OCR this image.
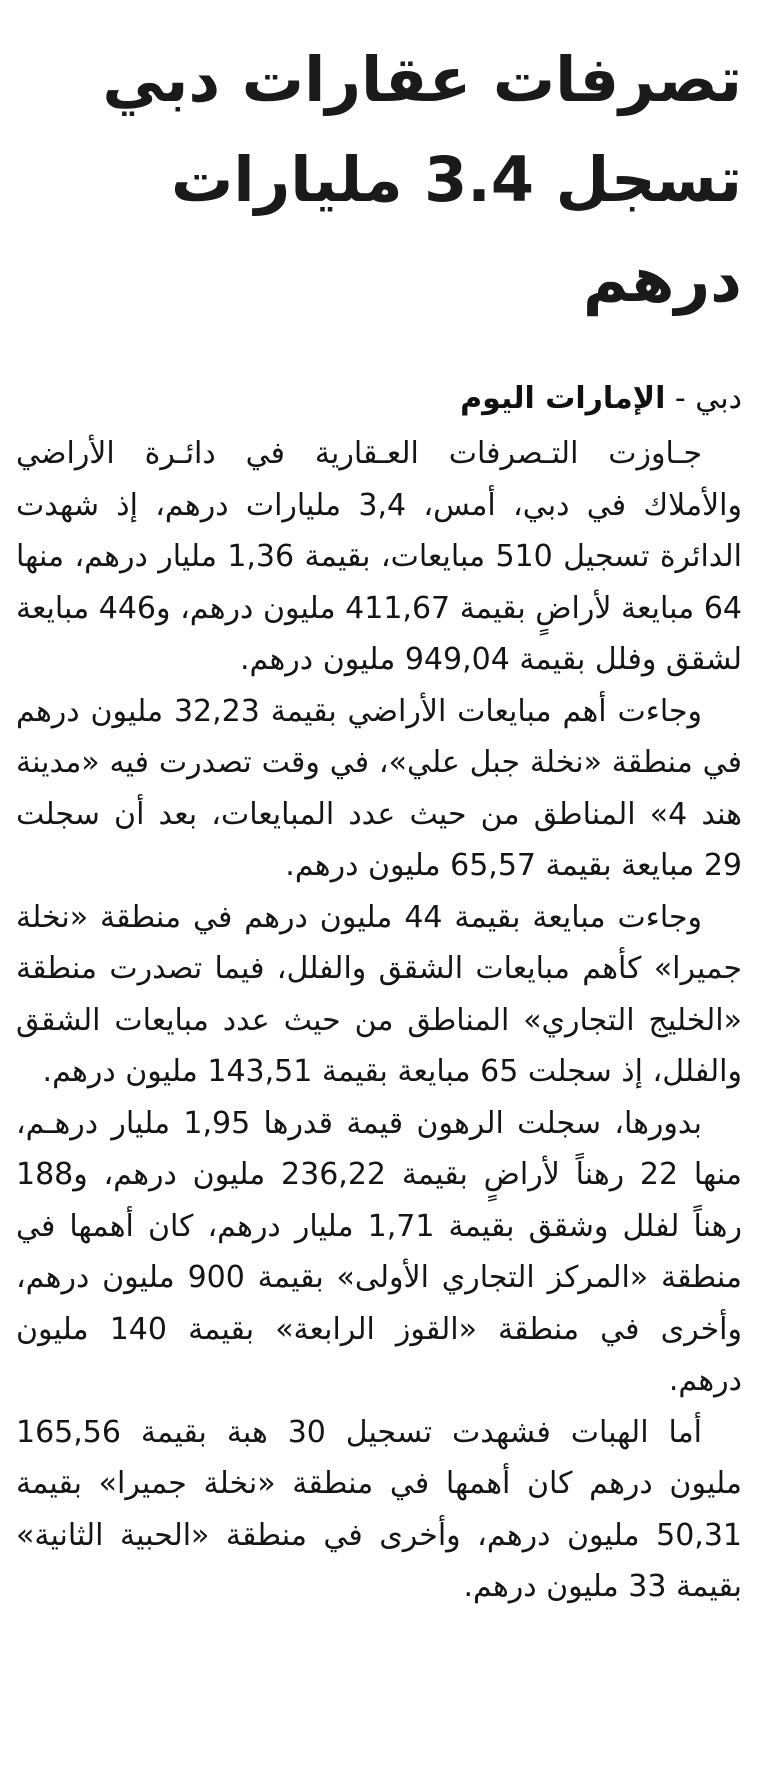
تصرفات عقارات دبي تسجل 3.4 مليارات درهم
دبي - الإمارات اليوم

جـاوزت التـصرفات العـقارية في دائـرة الأراضي والأملاك في دبي، أمس، 3,4 مليارات درهم، إذ شهدت الدائرة تسجيل 510 مبايعات، بقيمة 1,36 مليار درهم، منها 64 مبايعة لأراضٍ بقيمة 411,67 مليون درهم، و446 مبايعة لشقق وفلل بقيمة 949,04 مليون درهم.

وجاءت أهم مبايعات الأراضي بقيمة 32,23 مليون درهم في منطقة «نخلة جبل علي»، في وقت تصدرت فيه «مدينة هند 4» المناطق من حيث عدد المبايعات، بعد أن سجلت 29 مبايعة بقيمة 65,57 مليون درهم.

وجاءت مبايعة بقيمة 44 مليون درهم في منطقة «نخلة جميرا» كأهم مبايعات الشقق والفلل، فيما تصدرت منطقة «الخليج التجاري» المناطق من حيث عدد مبايعات الشقق والفلل، إذ سجلت 65 مبايعة بقيمة 143,51 مليون درهم.

بدورها، سجلت الرهون قيمة قدرها 1,95 مليار درهـم، منها 22 رهناً لأراضٍ بقيمة 236,22 مليون درهم، و188 رهناً لفلل وشقق بقيمة 1,71 مليار درهم، كان أهمها في منطقة «المركز التجاري الأولى» بقيمة 900 مليون درهم، وأخرى في منطقة «القوز الرابعة» بقيمة 140 مليون درهم.

أما الهبات فشهدت تسجيل 30 هبة بقيمة 165,56 مليون درهم كان أهمها في منطقة «نخلة جميرا» بقيمة 50,31 مليون درهم، وأخرى في منطقة «الحبية الثانية» بقيمة 33 مليون درهم.
